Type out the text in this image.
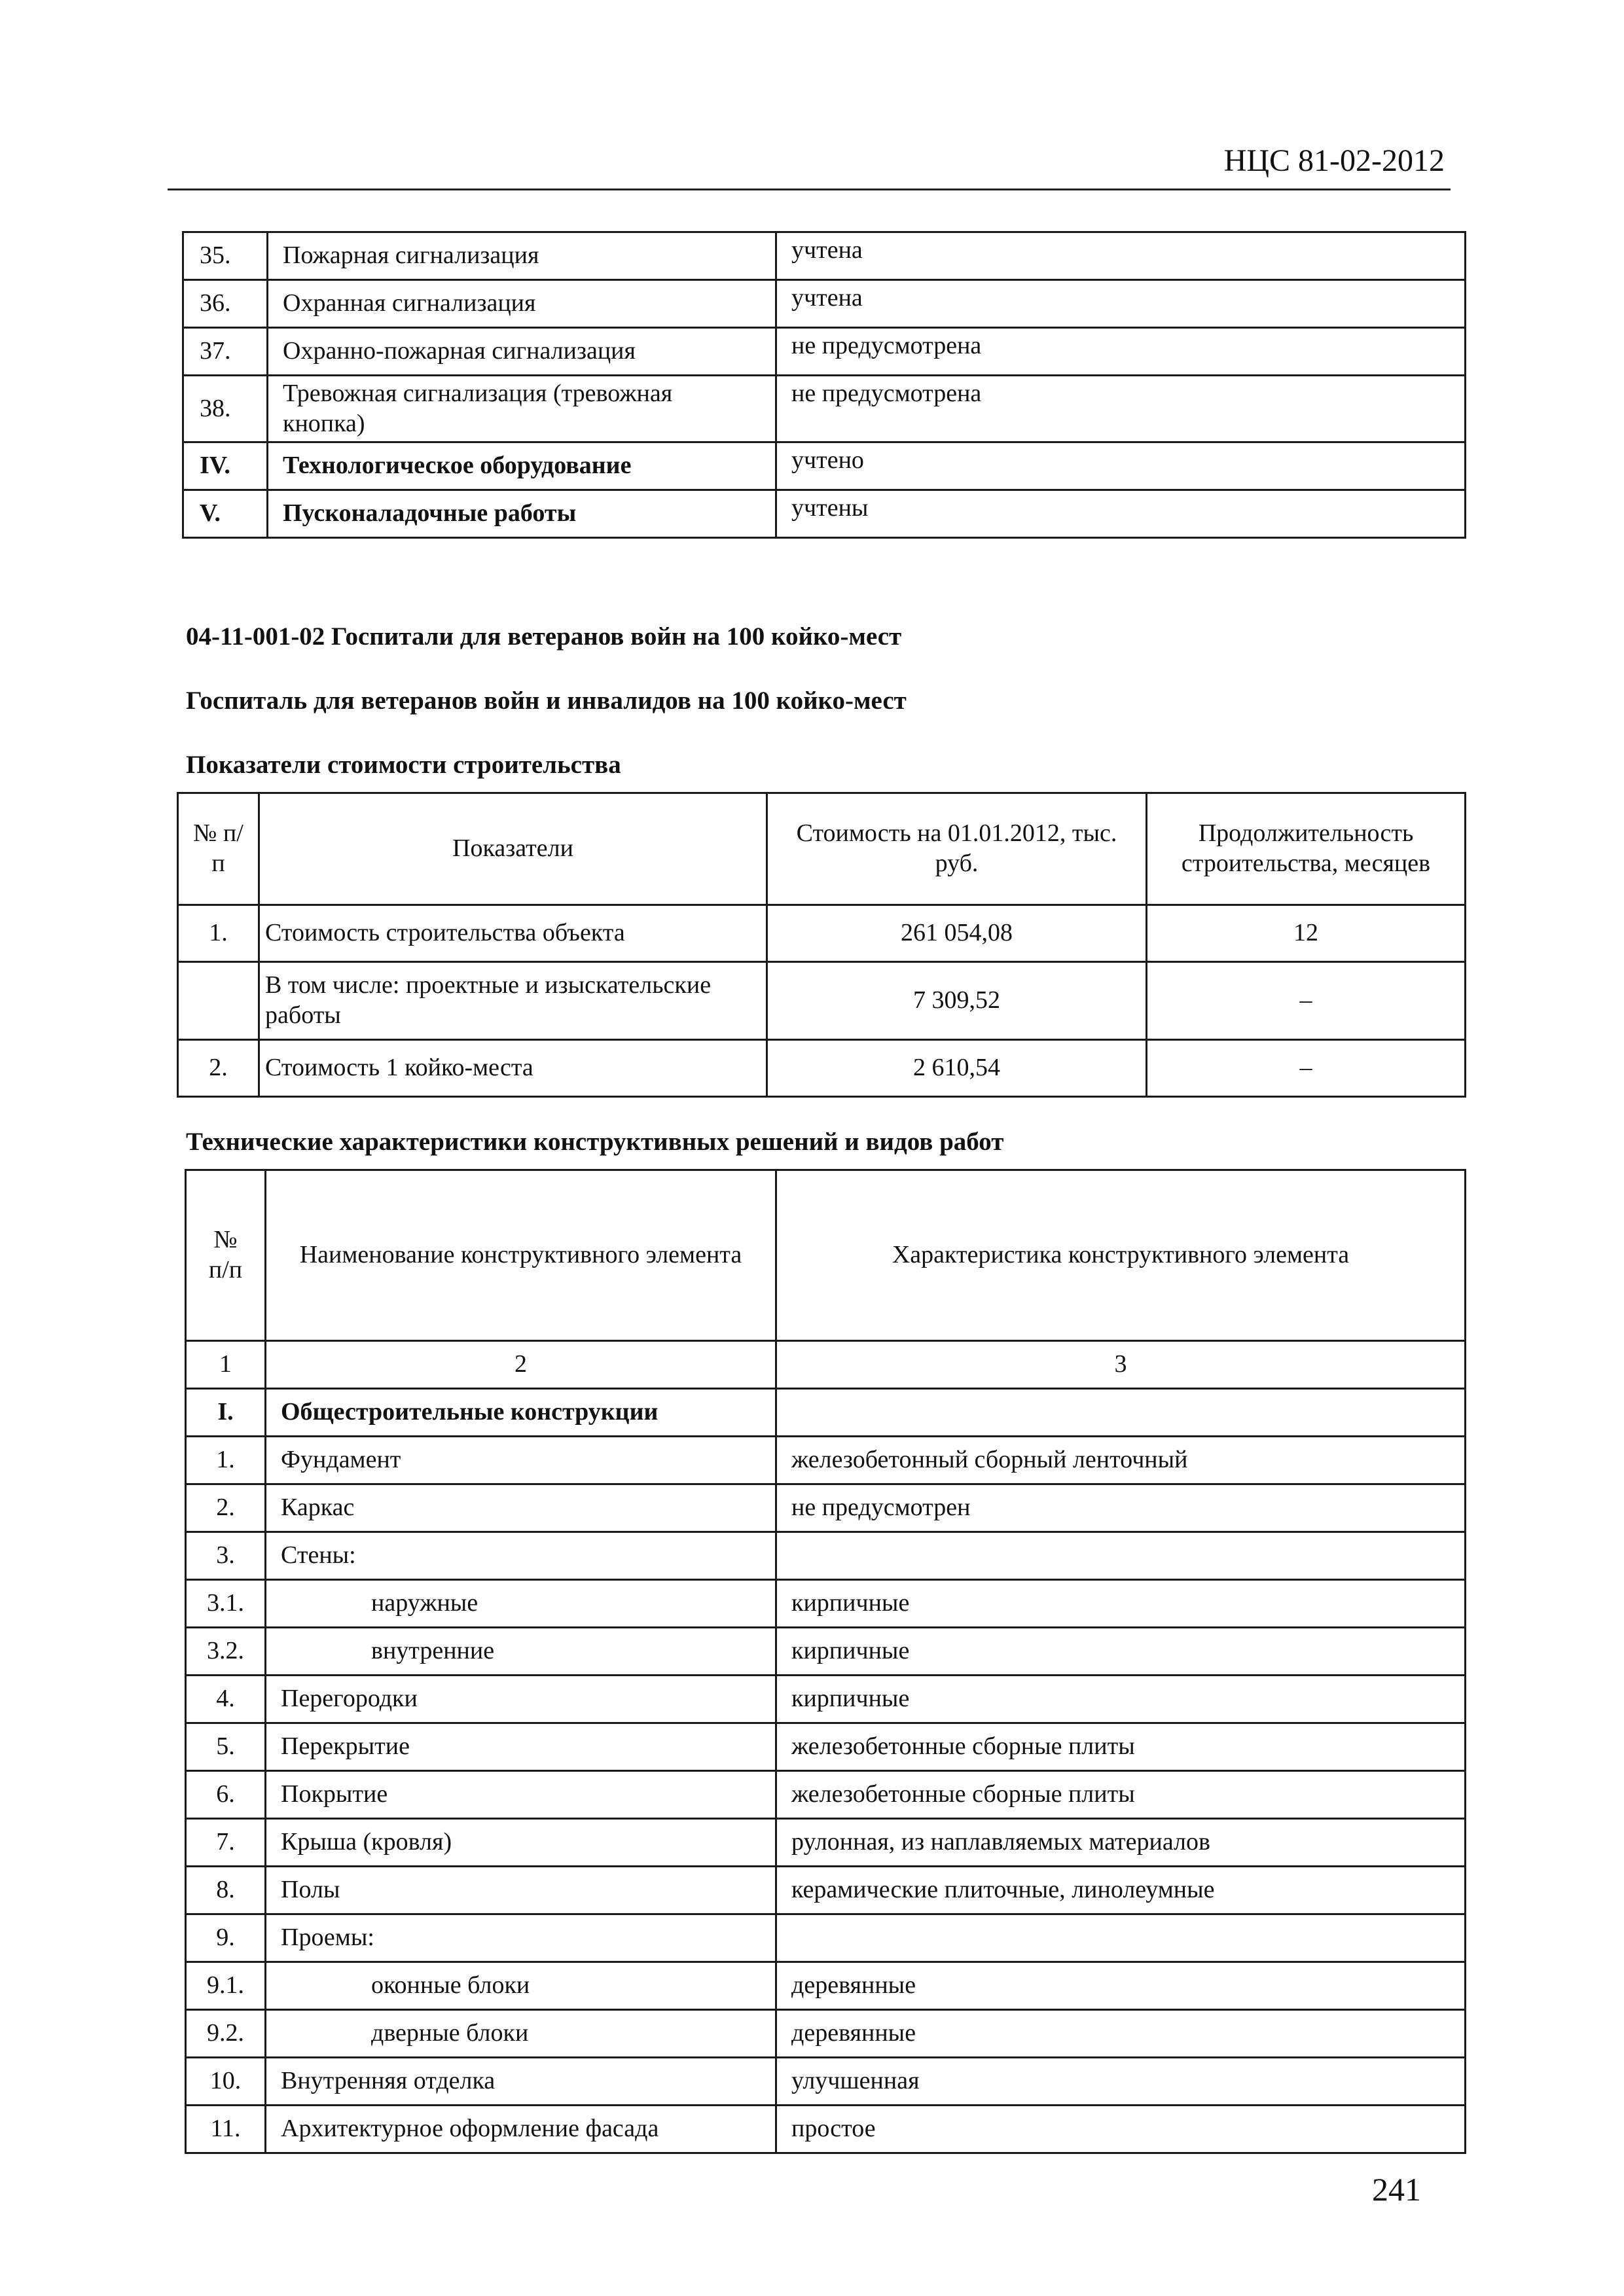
НЦС 81-02-2012
35.	Пожарная сигнализация	учтена
36.	Охранная сигнализация	учтена
37.	Охранно-пожарная сигнализация	не предусмотрена
38.	Тревожная сигнализация (тревожная кнопка)	не предусмотрена
IV.	Технологическое оборудование	учтено
V.	Пусконаладочные работы	учтены
04-11-001-02 Госпитали для ветеранов войн на 100 койко-мест
Госпиталь для ветеранов войн и инвалидов на 100 койко-мест
Показатели стоимости строительства
№ п/п	Показатели	Стоимость на 01.01.2012, тыс. руб.	Продолжительность строительства, месяцев
1.	Стоимость строительства объекта	261 054,08	12
	В том числе: проектные и изыскательские работы	7 309,52	–
2.	Стоимость 1 койко-места	2 610,54	–
Технические характеристики конструктивных решений и видов работ
№ п/п	Наименование конструктивного элемента	Характеристика конструктивного элемента
1	2	3
I.	Общестроительные конструкции	
1.	Фундамент	железобетонный сборный ленточный
2.	Каркас	не предусмотрен
3.	Стены:	
3.1.	наружные	кирпичные
3.2.	внутренние	кирпичные
4.	Перегородки	кирпичные
5.	Перекрытие	железобетонные сборные плиты
6.	Покрытие	железобетонные сборные плиты
7.	Крыша (кровля)	рулонная, из наплавляемых материалов
8.	Полы	керамические плиточные, линолеумные
9.	Проемы:	
9.1.	оконные блоки	деревянные
9.2.	дверные блоки	деревянные
10.	Внутренняя отделка	улучшенная
11.	Архитектурное оформление фасада	простое
241
